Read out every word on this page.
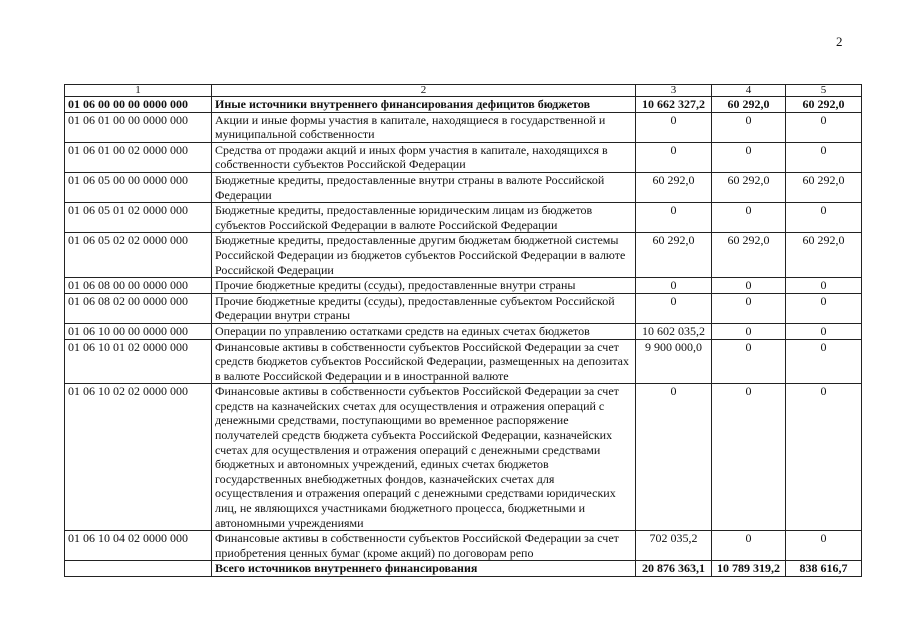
2
1	2	3	4	5
01 06 00 00 00 0000 000	Иные источники внутреннего финансирования дефицитов бюджетов	10 662 327,2	60 292,0	60 292,0
01 06 01 00 00 0000 000	Акции и иные формы участия в капитале, находящиеся в государственной и муниципальной собственности	0	0	0
01 06 01 00 02 0000 000	Средства от продажи акций и иных форм участия в капитале, находящихся в собственности субъектов Российской Федерации	0	0	0
01 06 05 00 00 0000 000	Бюджетные кредиты, предоставленные внутри страны в валюте Российской Федерации	60 292,0	60 292,0	60 292,0
01 06 05 01 02 0000 000	Бюджетные кредиты, предоставленные юридическим лицам из бюджетов субъектов Российской Федерации в валюте Российской Федерации	0	0	0
01 06 05 02 02 0000 000	Бюджетные кредиты, предоставленные другим бюджетам бюджетной системы Российской Федерации из бюджетов субъектов Российской Федерации в валюте Российской Федерации	60 292,0	60 292,0	60 292,0
01 06 08 00 00 0000 000	Прочие бюджетные кредиты (ссуды), предоставленные внутри страны	0	0	0
01 06 08 02 00 0000 000	Прочие бюджетные кредиты (ссуды), предоставленные субъектом Российской Федерации внутри страны	0	0	0
01 06 10 00 00 0000 000	Операции по управлению остатками средств на единых счетах бюджетов	10 602 035,2	0	0
01 06 10 01 02 0000 000	Финансовые активы в собственности субъектов Российской Федерации за счет средств бюджетов субъектов Российской Федерации, размещенных на депозитах в валюте Российской Федерации и в иностранной валюте	9 900 000,0	0	0
01 06 10 02 02 0000 000	Финансовые активы в собственности субъектов Российской Федерации за счет средств на казначейских счетах для осуществления и отражения операций с денежными средствами, поступающими во временное распоряжение получателей средств бюджета субъекта Российской Федерации, казначейских счетах для осуществления и отражения операций с денежными средствами бюджетных и автономных учреждений, единых счетах бюджетов государственных внебюджетных фондов, казначейских счетах для осуществления и отражения операций с денежными средствами юридических лиц, не являющихся участниками бюджетного процесса, бюджетными и автономными учреждениями	0	0	0
01 06 10 04 02 0000 000	Финансовые активы в собственности субъектов Российской Федерации за счет приобретения ценных бумаг (кроме акций) по договорам репо	702 035,2	0	0
	Всего источников внутреннего финансирования	20 876 363,1	10 789 319,2	838 616,7
